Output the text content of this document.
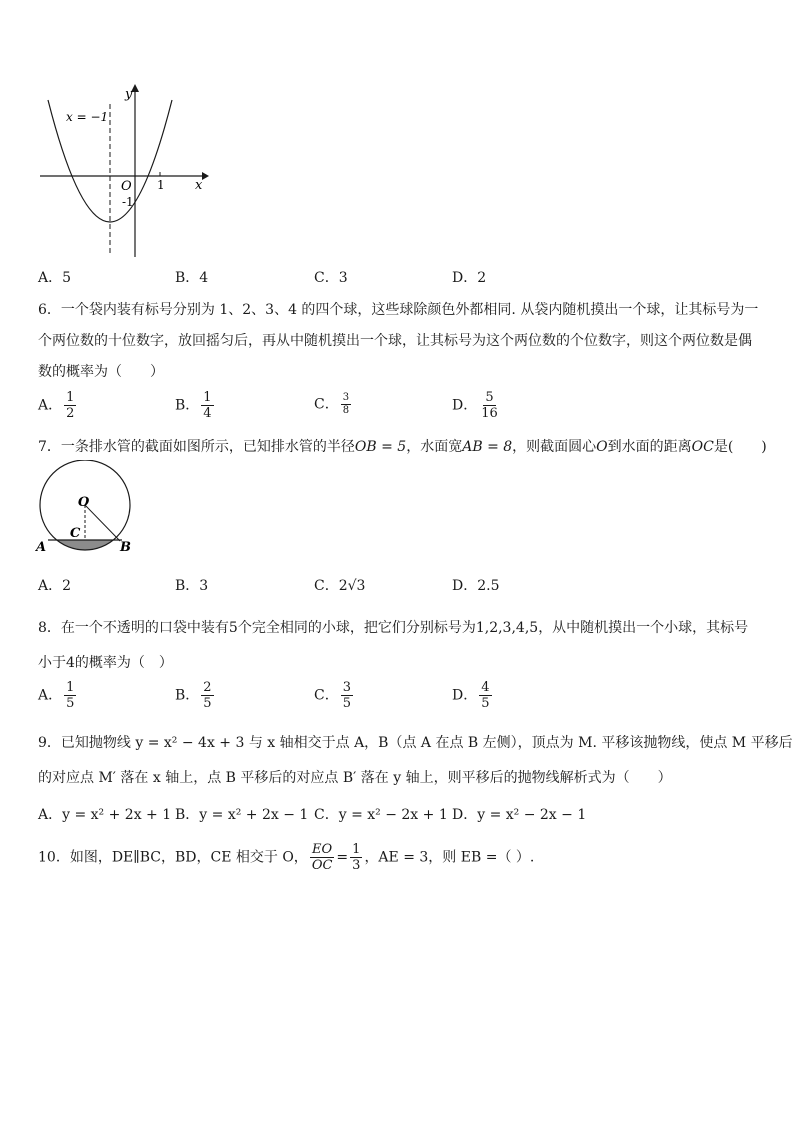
y
x
O 1
-1
x = −1
A．5	B．4	C．3	D．2
6．一个袋内装有标号分别为 1、2、3、4 的四个球，这些球除颜色外都相同. 从袋内随机摸出一个球，让其标号为一
个两位数的十位数字，放回摇匀后，再从中随机摸出一个球，让其标号为这个两位数的个位数字，则这个两位数是偶
数的概率为（　　）
A． $\frac{1}{2}$	B． $\frac{1}{4}$	C． $\frac{3}{8}$	D． $\frac{5}{16}$
7．一条排水管的截面如图所示，已知排水管的半径OB = 5，水面宽AB = 8，则截面圆心O到水面的距离OC是(　　)
O
C
A	B
A．2	B．3	C．2√3	D．2.5
8．在一个不透明的口袋中装有5个完全相同的小球，把它们分别标号为1,2,3,4,5，从中随机摸出一个小球，其标号
小于4的概率为（　）
A． $\frac{1}{5}$	B． $\frac{2}{5}$	C． $\frac{3}{5}$	D． $\frac{4}{5}$
9．已知抛物线 y = x² − 4x + 3 与 x 轴相交于点 A，B（点 A 在点 B 左侧），顶点为 M. 平移该抛物线，使点 M 平移后
的对应点 M′ 落在 x 轴上，点 B 平移后的对应点 B′ 落在 y 轴上，则平移后的抛物线解析式为（　　）
A．y = x² + 2x + 1 B．y = x² + 2x − 1 C．y = x² − 2x + 1 D．y = x² − 2x − 1
10．如图，DE∥BC，BD，CE 相交于 O， $\frac{EO}{OC} = \frac{1}{3}$ ，AE = 3，则 EB =（ ）.
